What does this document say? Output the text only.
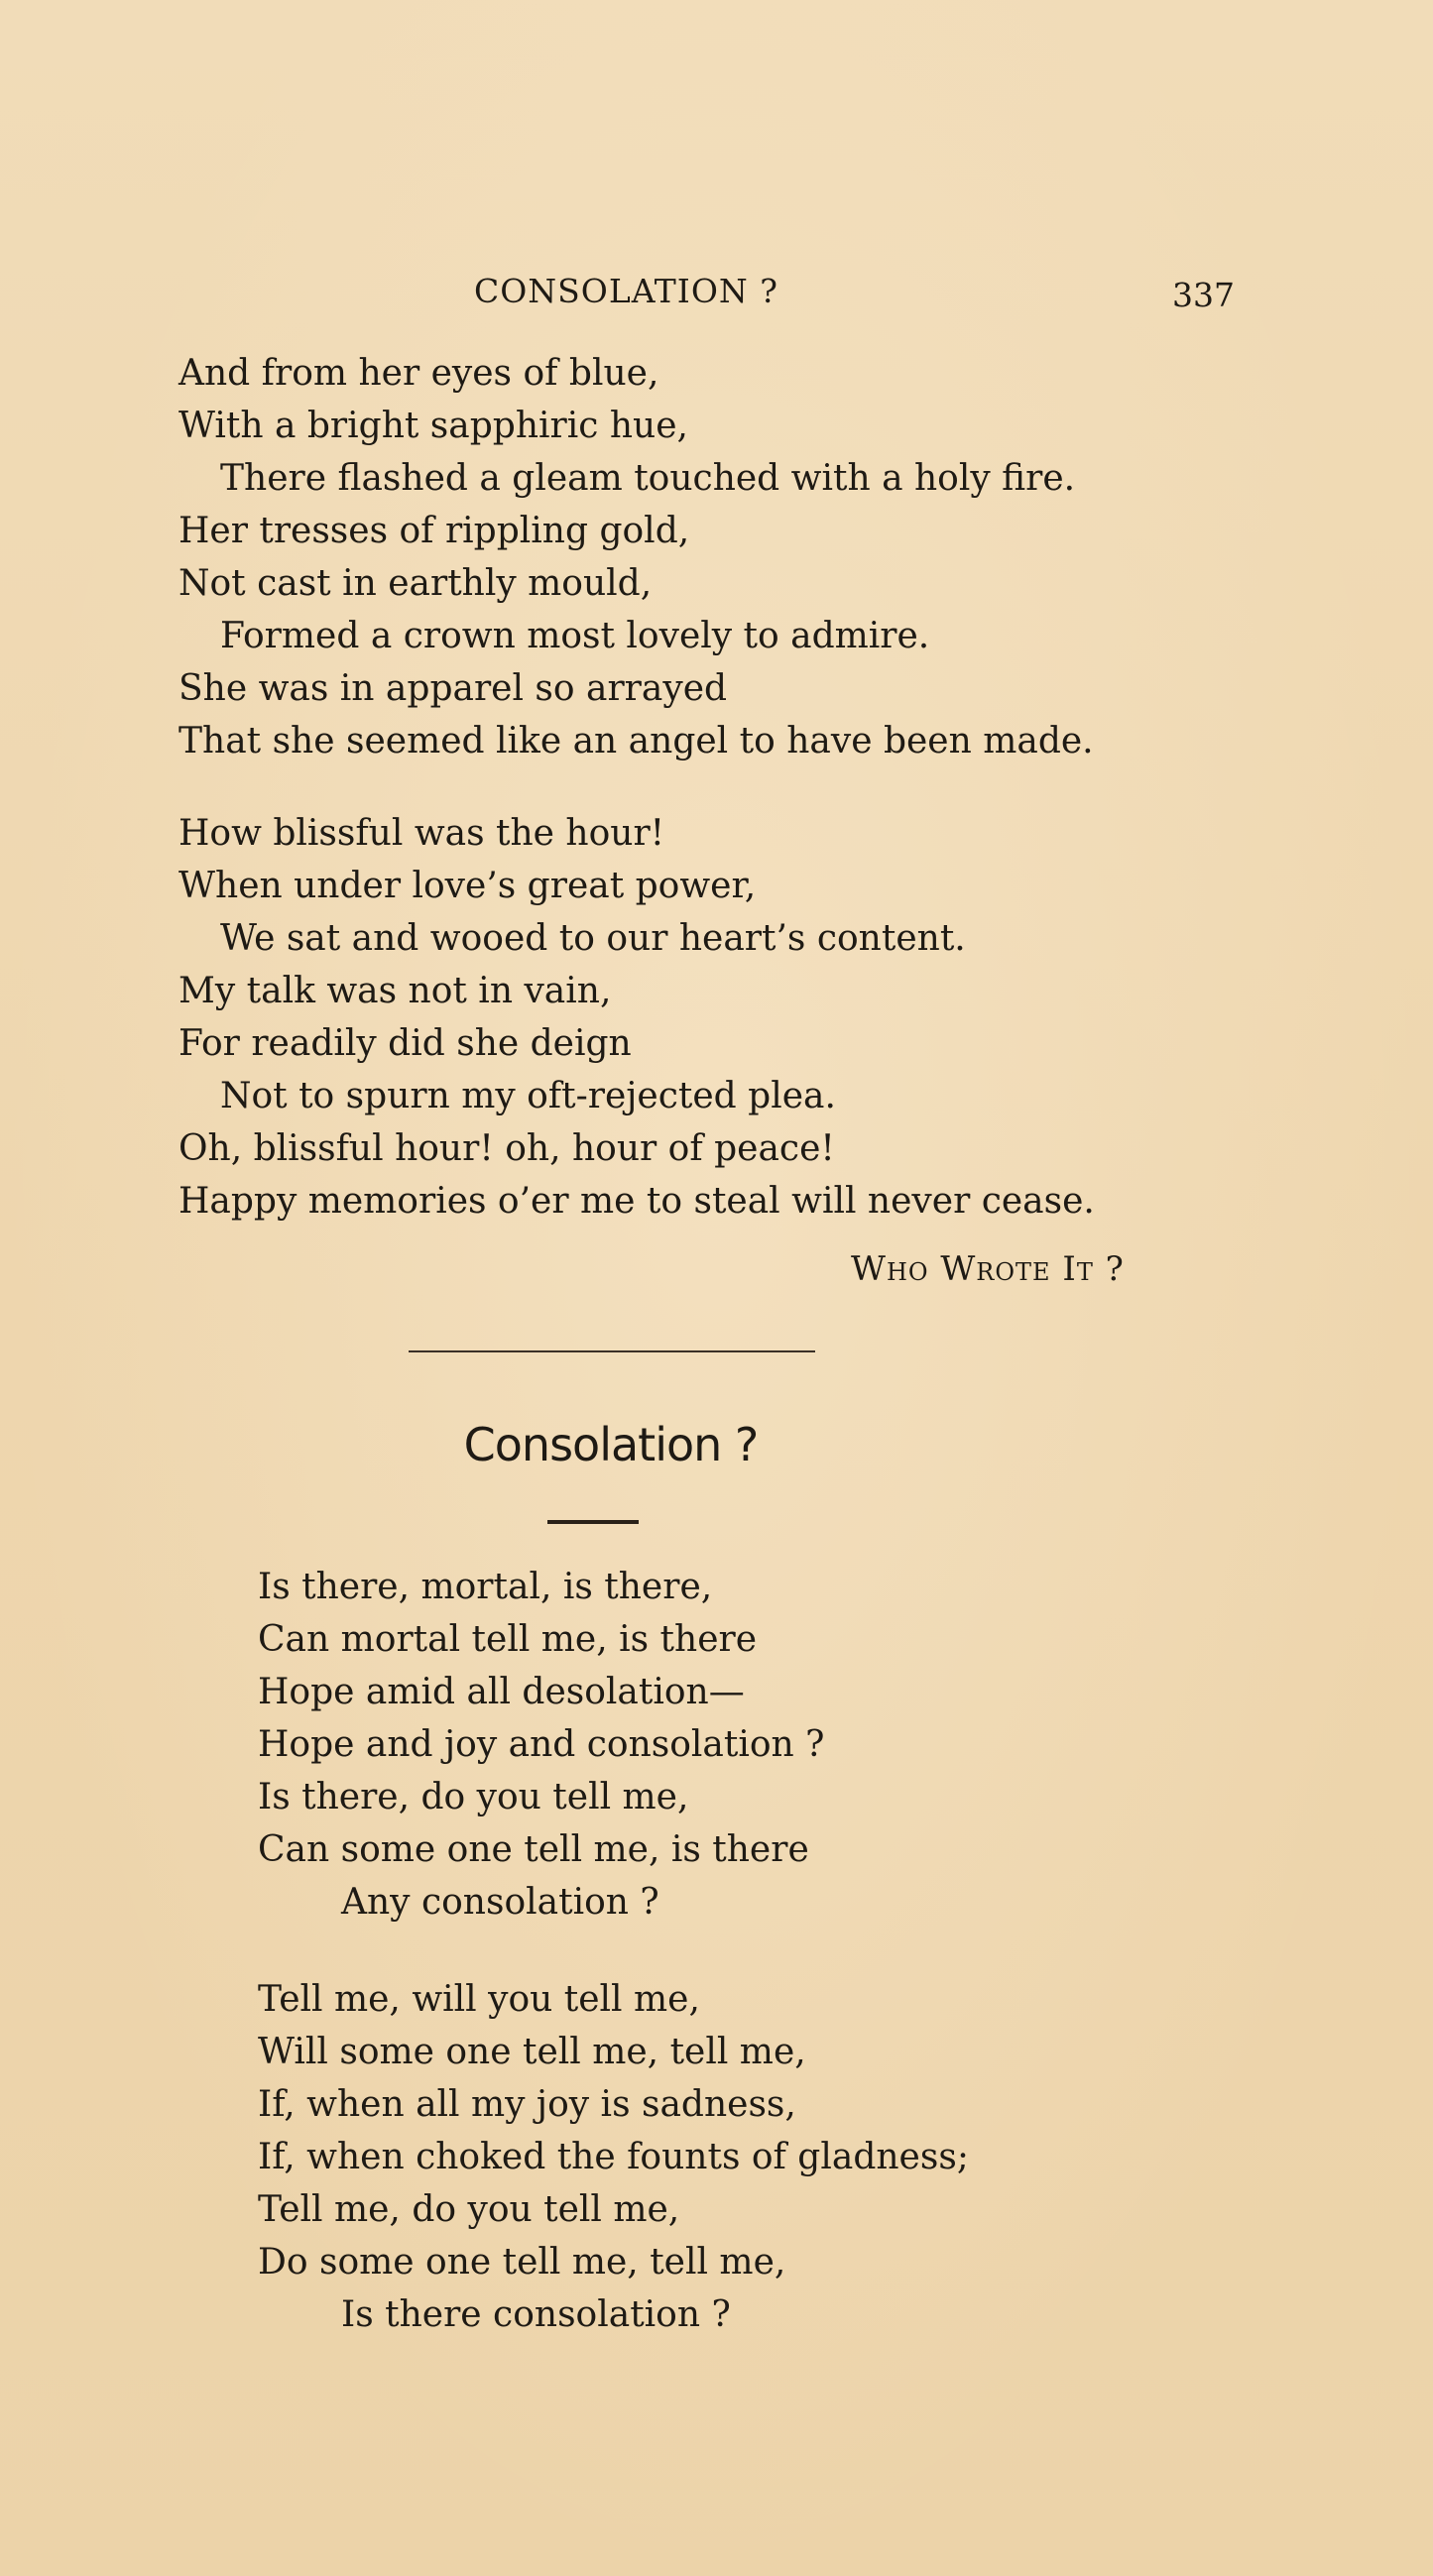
CONSOLATION ?	337
And from her eyes of blue,
With a bright sapphiric hue,
There flashed a gleam touched with a holy fire.
Her tresses of rippling gold,
Not cast in earthly mould,
Formed a crown most lovely to admire.
She was in apparel so arrayed
That she seemed like an angel to have been made.
How blissful was the hour!
When under love’s great power,
We sat and wooed to our heart’s content.
My talk was not in vain,
For readily did she deign
Not to spurn my oft-rejected plea.
Oh, blissful hour! oh, hour of peace!
Happy memories o’er me to steal will never cease.
Who Wrote It ?
Consolation ?
Is there, mortal, is there,
Can mortal tell me, is there
Hope amid all desolation—
Hope and joy and consolation ?
Is there, do you tell me,
Can some one tell me, is there
Any consolation ?
Tell me, will you tell me,
Will some one tell me, tell me,
If, when all my joy is sadness,
If, when choked the founts of gladness;
Tell me, do you tell me,
Do some one tell me, tell me,
Is there consolation ?
